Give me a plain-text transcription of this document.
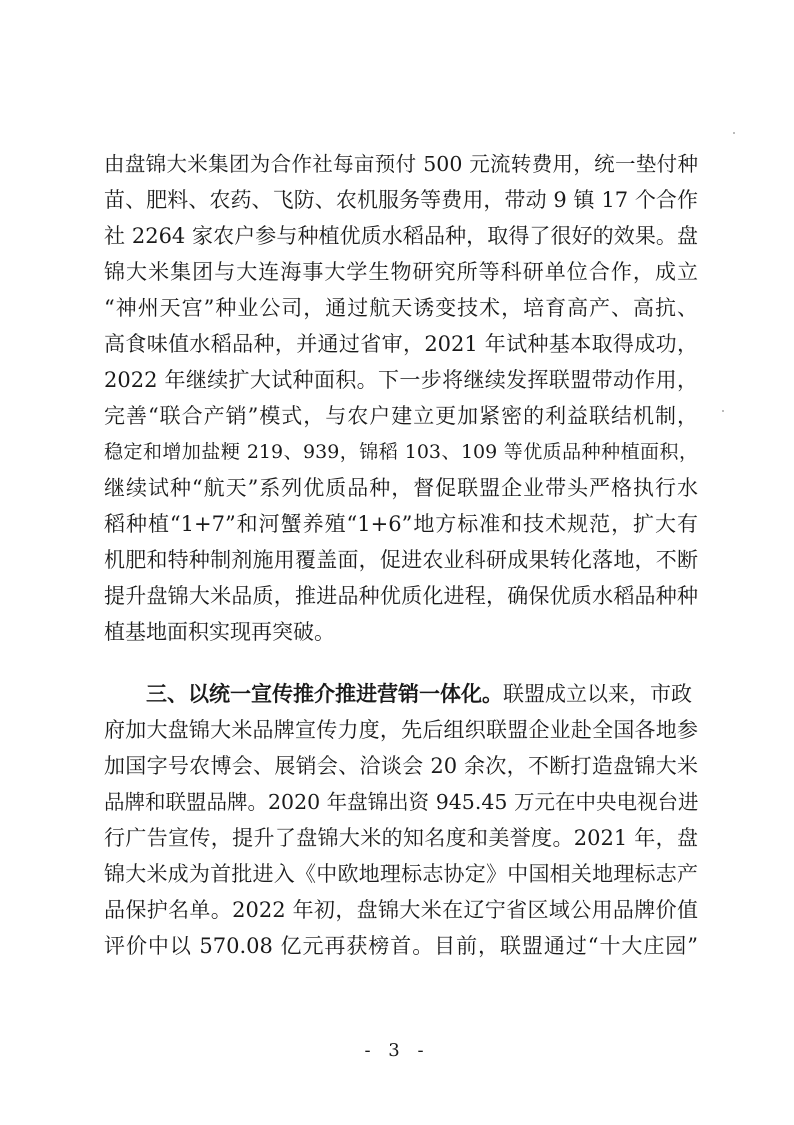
由盘锦大米集团为合作社每亩预付 500 元流转费用，统一垫付种
苗、肥料、农药、飞防、农机服务等费用，带动 9 镇 17 个合作
社 2264 家农户参与种植优质水稻品种，取得了很好的效果。盘
锦大米集团与大连海事大学生物研究所等科研单位合作，成立
“神州天宫”种业公司，通过航天诱变技术，培育高产、高抗、
高食味值水稻品种，并通过省审，2021 年试种基本取得成功，
2022 年继续扩大试种面积。下一步将继续发挥联盟带动作用，
完善“联合产销”模式，与农户建立更加紧密的利益联结机制，
稳定和增加盐粳 219、939，锦稻 103、109 等优质品种种植面积，
继续试种“航天”系列优质品种，督促联盟企业带头严格执行水
稻种植“1+7”和河蟹养殖“1+6”地方标准和技术规范，扩大有
机肥和特种制剂施用覆盖面，促进农业科研成果转化落地，不断
提升盘锦大米品质，推进品种优质化进程，确保优质水稻品种种
植基地面积实现再突破。
三、以统一宣传推介推进营销一体化。联盟成立以来，市政
府加大盘锦大米品牌宣传力度，先后组织联盟企业赴全国各地参
加国字号农博会、展销会、洽谈会 20 余次，不断打造盘锦大米
品牌和联盟品牌。2020 年盘锦出资 945.45 万元在中央电视台进
行广告宣传，提升了盘锦大米的知名度和美誉度。2021 年，盘
锦大米成为首批进入《中欧地理标志协定》中国相关地理标志产
品保护名单。2022 年初，盘锦大米在辽宁省区域公用品牌价值
评价中以 570.08 亿元再获榜首。目前，联盟通过“十大庄园”
- 3 -
